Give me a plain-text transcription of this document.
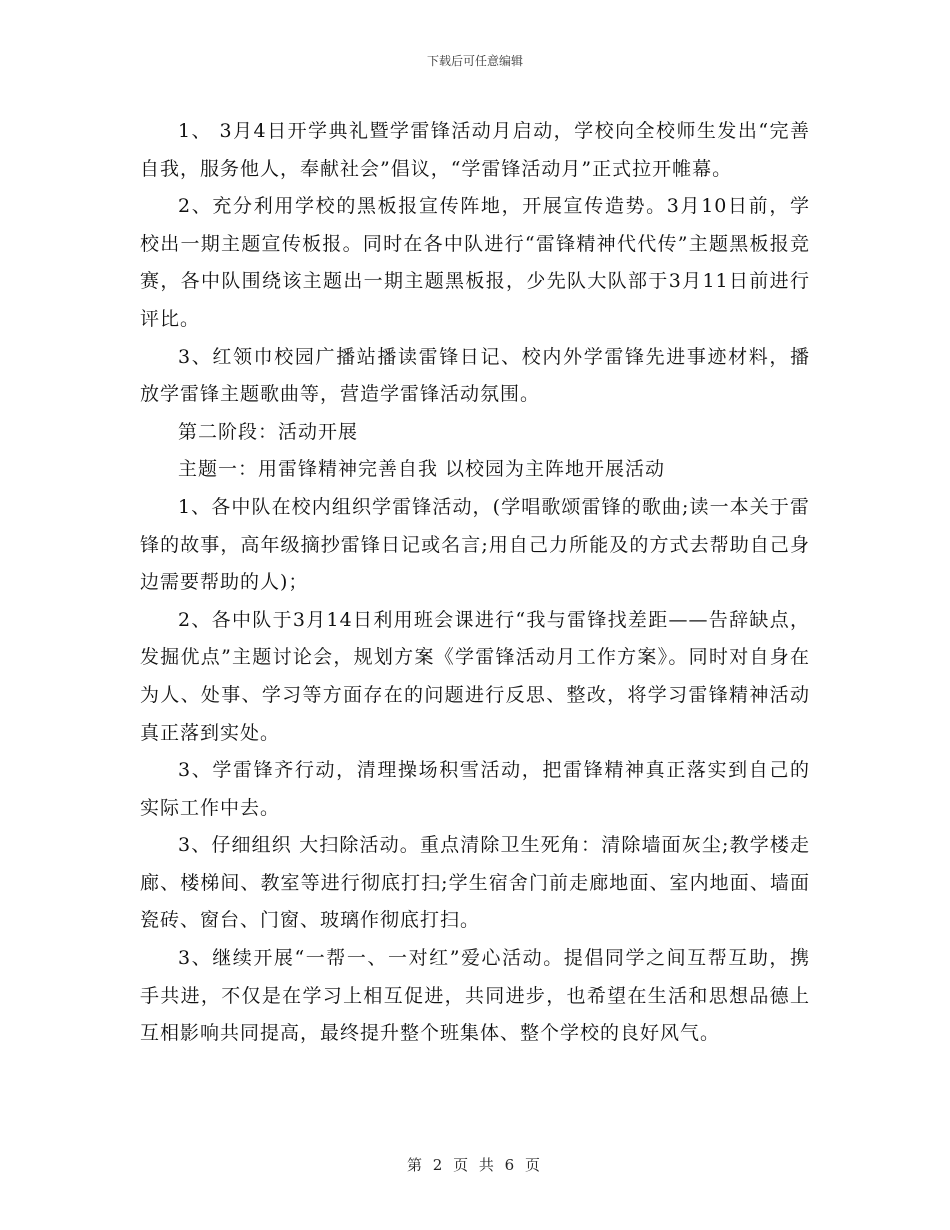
下载后可任意编辑

1、 3月4日开学典礼暨学雷锋活动月启动，学校向全校师生发出“完善自我，服务他人，奉献社会”倡议，“学雷锋活动月”正式拉开帷幕。

2、充分利用学校的黑板报宣传阵地，开展宣传造势。3月10日前，学校出一期主题宣传板报。同时在各中队进行“雷锋精神代代传”主题黑板报竞赛，各中队围绕该主题出一期主题黑板报，少先队大队部于3月11日前进行评比。

3、红领巾校园广播站播读雷锋日记、校内外学雷锋先进事迹材料，播放学雷锋主题歌曲等，营造学雷锋活动氛围。

第二阶段：活动开展

主题一：用雷锋精神完善自我 以校园为主阵地开展活动

1、各中队在校内组织学雷锋活动，(学唱歌颂雷锋的歌曲;读一本关于雷锋的故事，高年级摘抄雷锋日记或名言;用自己力所能及的方式去帮助自己身边需要帮助的人)；

2、各中队于3月14日利用班会课进行“我与雷锋找差距——告辞缺点，发掘优点”主题讨论会，规划方案《学雷锋活动月工作方案》。同时对自身在为人、处事、学习等方面存在的问题进行反思、整改，将学习雷锋精神活动真正落到实处。

3、学雷锋齐行动，清理操场积雪活动，把雷锋精神真正落实到自己的实际工作中去。

3、仔细组织 大扫除活动。重点清除卫生死角：清除墙面灰尘;教学楼走廊、楼梯间、教室等进行彻底打扫;学生宿舍门前走廊地面、室内地面、墙面瓷砖、窗台、门窗、玻璃作彻底打扫。

3、继续开展“一帮一、一对红”爱心活动。提倡同学之间互帮互助，携手共进，不仅是在学习上相互促进，共同进步，也希望在生活和思想品德上互相影响共同提高，最终提升整个班集体、整个学校的良好风气。

第 2 页 共 6 页
